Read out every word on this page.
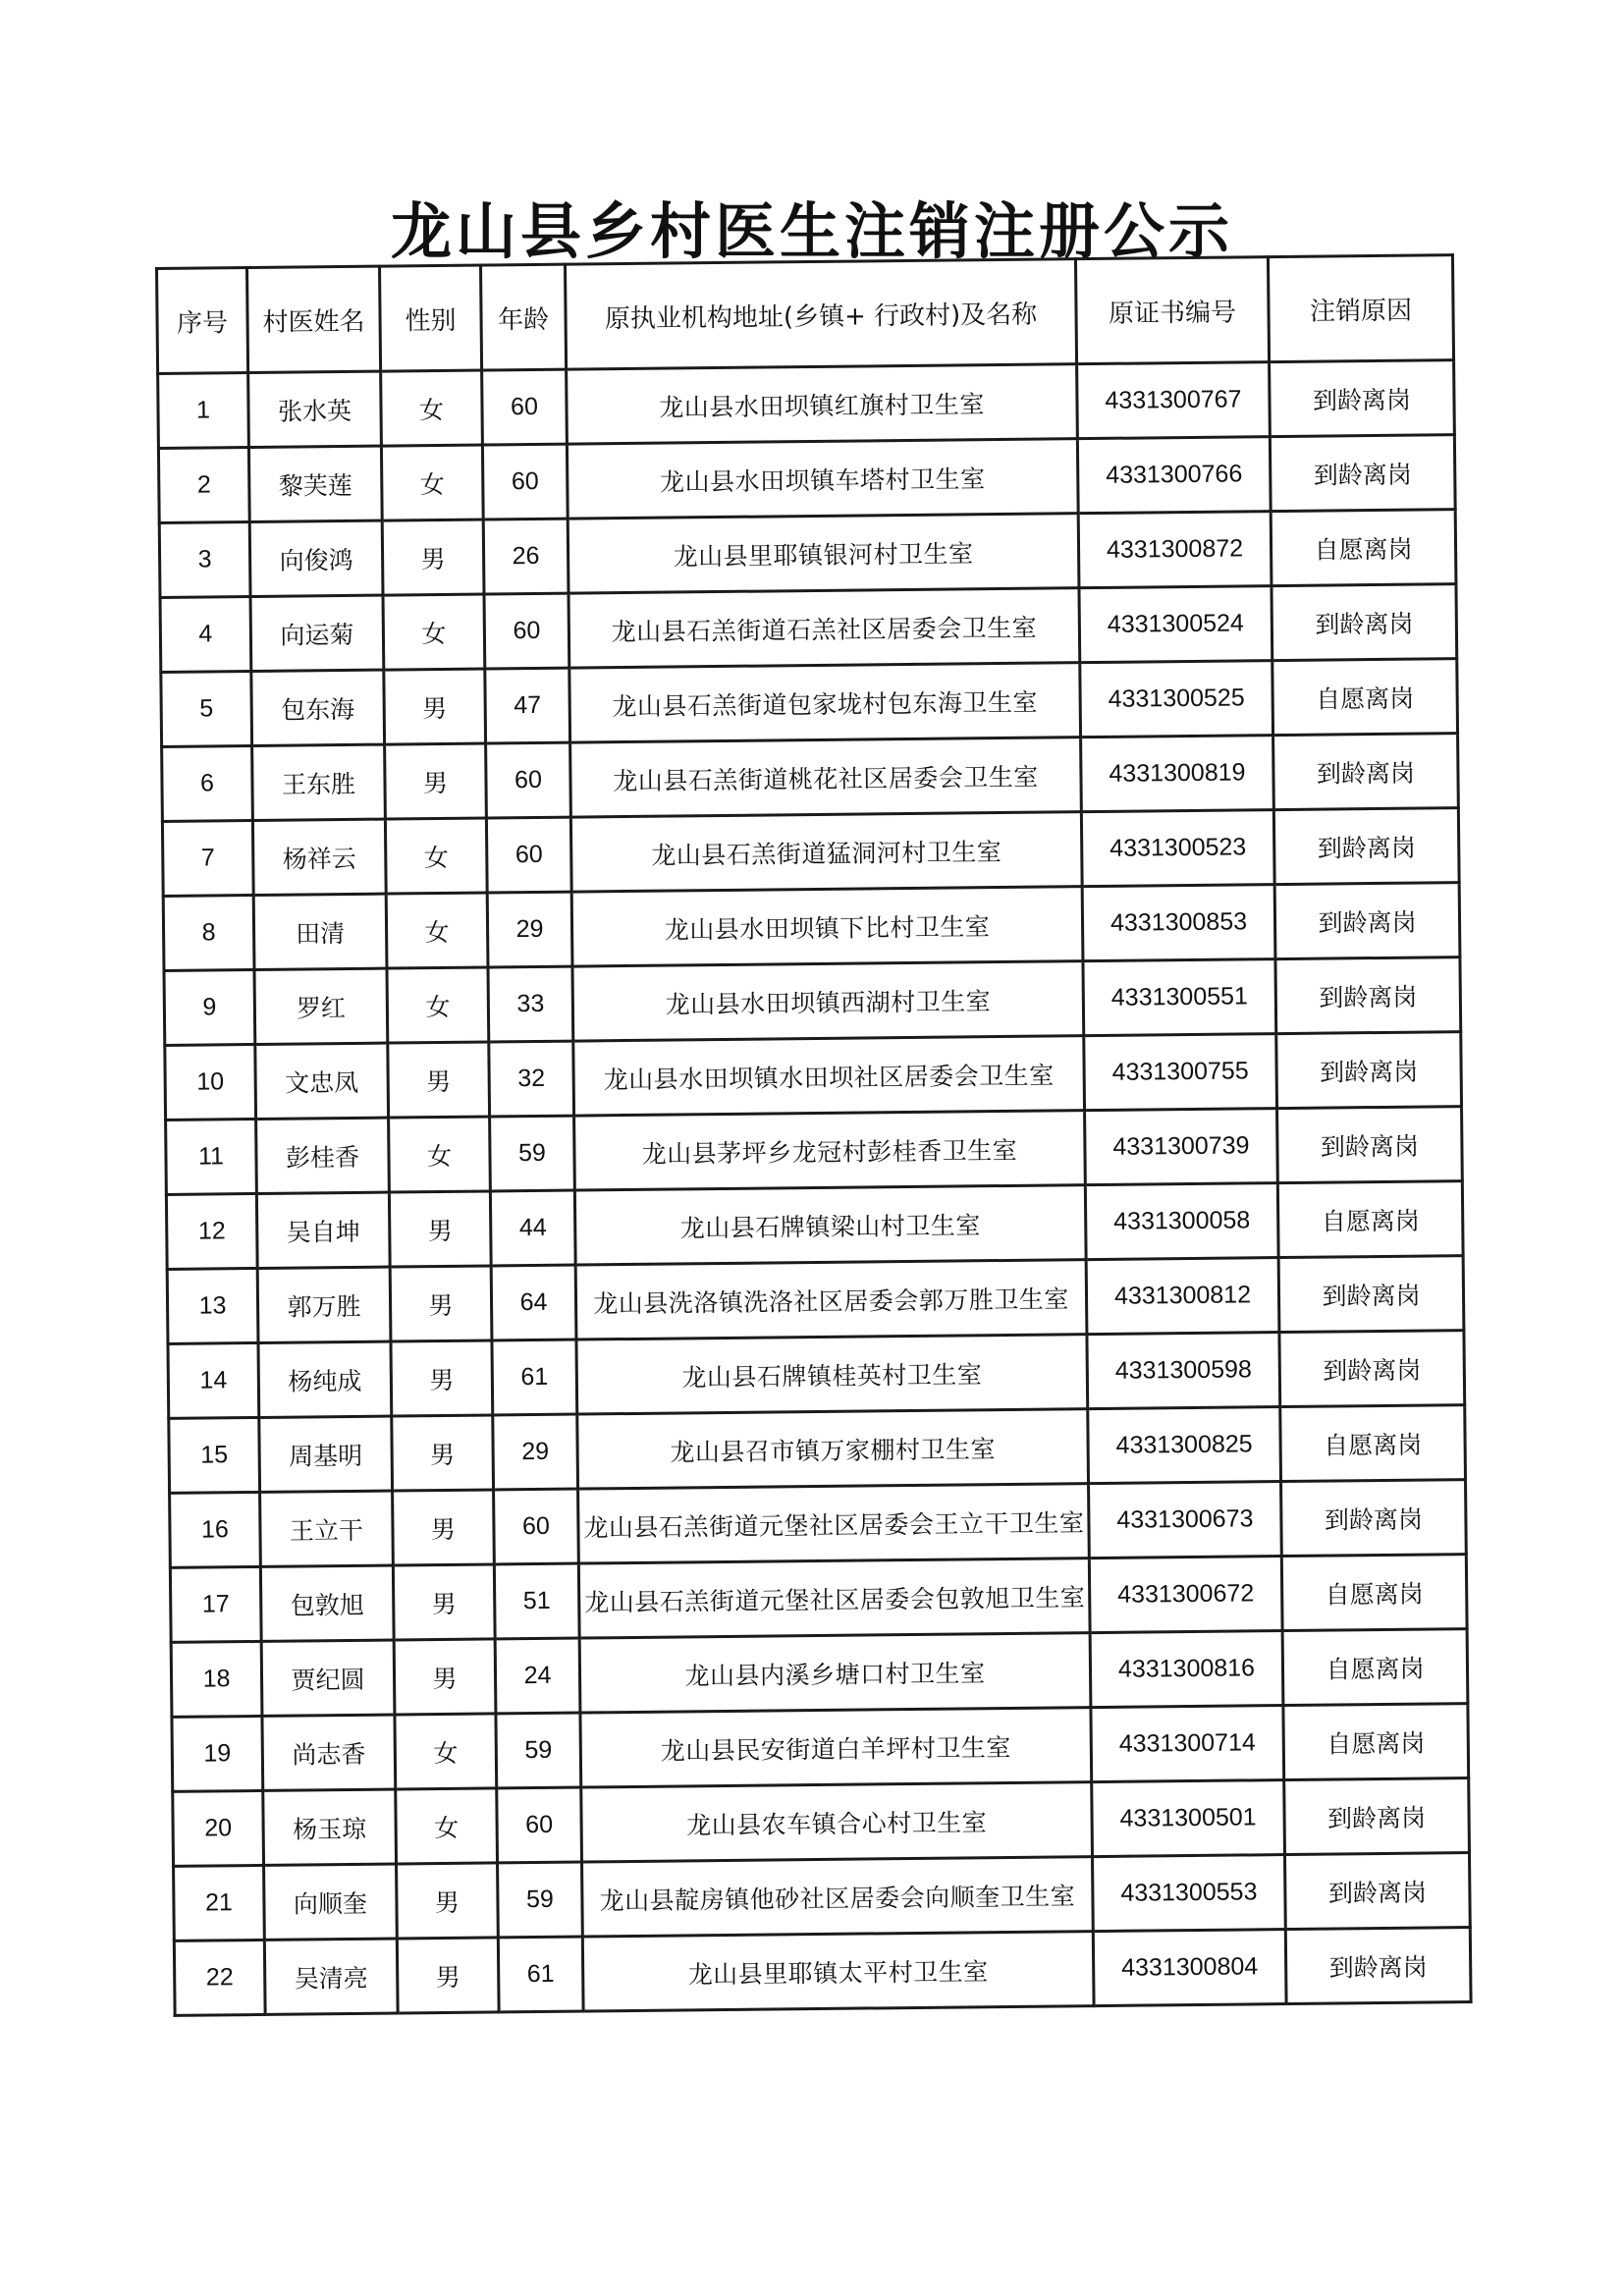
龙山县乡村医生注销注册公示
序号	村医姓名	性别	年龄	原执业机构地址(乡镇+ 行政村)及名称	原证书编号	注销原因
1	张水英	女	60	龙山县水田坝镇红旗村卫生室	4331300767	到龄离岗
2	黎芙莲	女	60	龙山县水田坝镇车塔村卫生室	4331300766	到龄离岗
3	向俊鸿	男	26	龙山县里耶镇银河村卫生室	4331300872	自愿离岗
4	向运菊	女	60	龙山县石羔街道石羔社区居委会卫生室	4331300524	到龄离岗
5	包东海	男	47	龙山县石羔街道包家垅村包东海卫生室	4331300525	自愿离岗
6	王东胜	男	60	龙山县石羔街道桃花社区居委会卫生室	4331300819	到龄离岗
7	杨祥云	女	60	龙山县石羔街道猛洞河村卫生室	4331300523	到龄离岗
8	田清	女	29	龙山县水田坝镇下比村卫生室	4331300853	到龄离岗
9	罗红	女	33	龙山县水田坝镇西湖村卫生室	4331300551	到龄离岗
10	文忠凤	男	32	龙山县水田坝镇水田坝社区居委会卫生室	4331300755	到龄离岗
11	彭桂香	女	59	龙山县茅坪乡龙冠村彭桂香卫生室	4331300739	到龄离岗
12	吴自坤	男	44	龙山县石牌镇梁山村卫生室	4331300058	自愿离岗
13	郭万胜	男	64	龙山县洗洛镇洗洛社区居委会郭万胜卫生室	4331300812	到龄离岗
14	杨纯成	男	61	龙山县石牌镇桂英村卫生室	4331300598	到龄离岗
15	周基明	男	29	龙山县召市镇万家棚村卫生室	4331300825	自愿离岗
16	王立干	男	60	龙山县石羔街道元堡社区居委会王立干卫生室	4331300673	到龄离岗
17	包敦旭	男	51	龙山县石羔街道元堡社区居委会包敦旭卫生室	4331300672	自愿离岗
18	贾纪圆	男	24	龙山县内溪乡塘口村卫生室	4331300816	自愿离岗
19	尚志香	女	59	龙山县民安街道白羊坪村卫生室	4331300714	自愿离岗
20	杨玉琼	女	60	龙山县农车镇合心村卫生室	4331300501	到龄离岗
21	向顺奎	男	59	龙山县靛房镇他砂社区居委会向顺奎卫生室	4331300553	到龄离岗
22	吴清亮	男	61	龙山县里耶镇太平村卫生室	4331300804	到龄离岗
